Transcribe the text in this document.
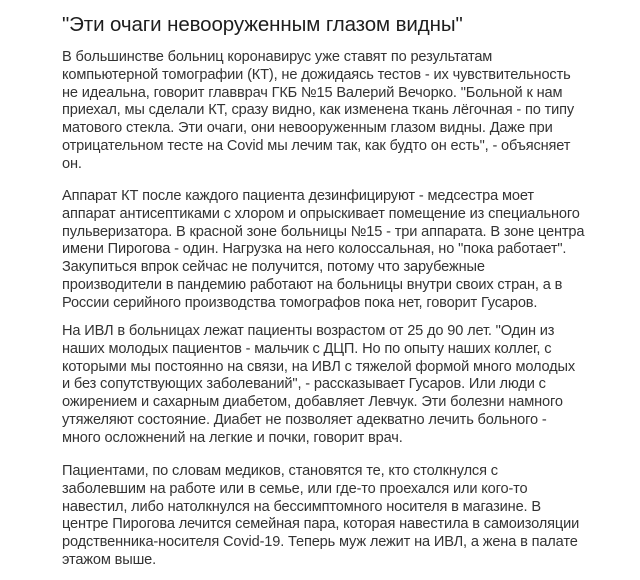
"Эти очаги невооруженным глазом видны"

В большинстве больниц коронавирус уже ставят по результатам
компьютерной томографии (КТ), не дожидаясь тестов - их чувствительность
не идеальна, говорит главврач ГКБ №15 Валерий Вечорко. "Больной к нам
приехал, мы сделали КТ, сразу видно, как изменена ткань лёгочная - по типу
матового стекла. Эти очаги, они невооруженным глазом видны. Даже при
отрицательном тесте на Covid мы лечим так, как будто он есть", - объясняет
он.

Аппарат КТ после каждого пациента дезинфицируют - медсестра моет
аппарат антисептиками с хлором и опрыскивает помещение из специального
пульверизатора. В красной зоне больницы №15 - три аппарата. В зоне центра
имени Пирогова - один. Нагрузка на него колоссальная, но "пока работает".
Закупиться впрок сейчас не получится, потому что зарубежные
производители в пандемию работают на больницы внутри своих стран, а в
России серийного производства томографов пока нет, говорит Гусаров.

На ИВЛ в больницах лежат пациенты возрастом от 25 до 90 лет. "Один из
наших молодых пациентов - мальчик с ДЦП. Но по опыту наших коллег, с
которыми мы постоянно на связи, на ИВЛ с тяжелой формой много молодых
и без сопутствующих заболеваний", - рассказывает Гусаров. Или люди с
ожирением и сахарным диабетом, добавляет Левчук. Эти болезни намного
утяжеляют состояние. Диабет не позволяет адекватно лечить больного -
много осложнений на легкие и почки, говорит врач.

Пациентами, по словам медиков, становятся те, кто столкнулся с
заболевшим на работе или в семье, или где-то проехался или кого-то
навестил, либо натолкнулся на бессимптомного носителя в магазине. В
центре Пирогова лечится семейная пара, которая навестила в самоизоляции
родственника-носителя Covid-19. Теперь муж лежит на ИВЛ, а жена в палате
этажом выше.
